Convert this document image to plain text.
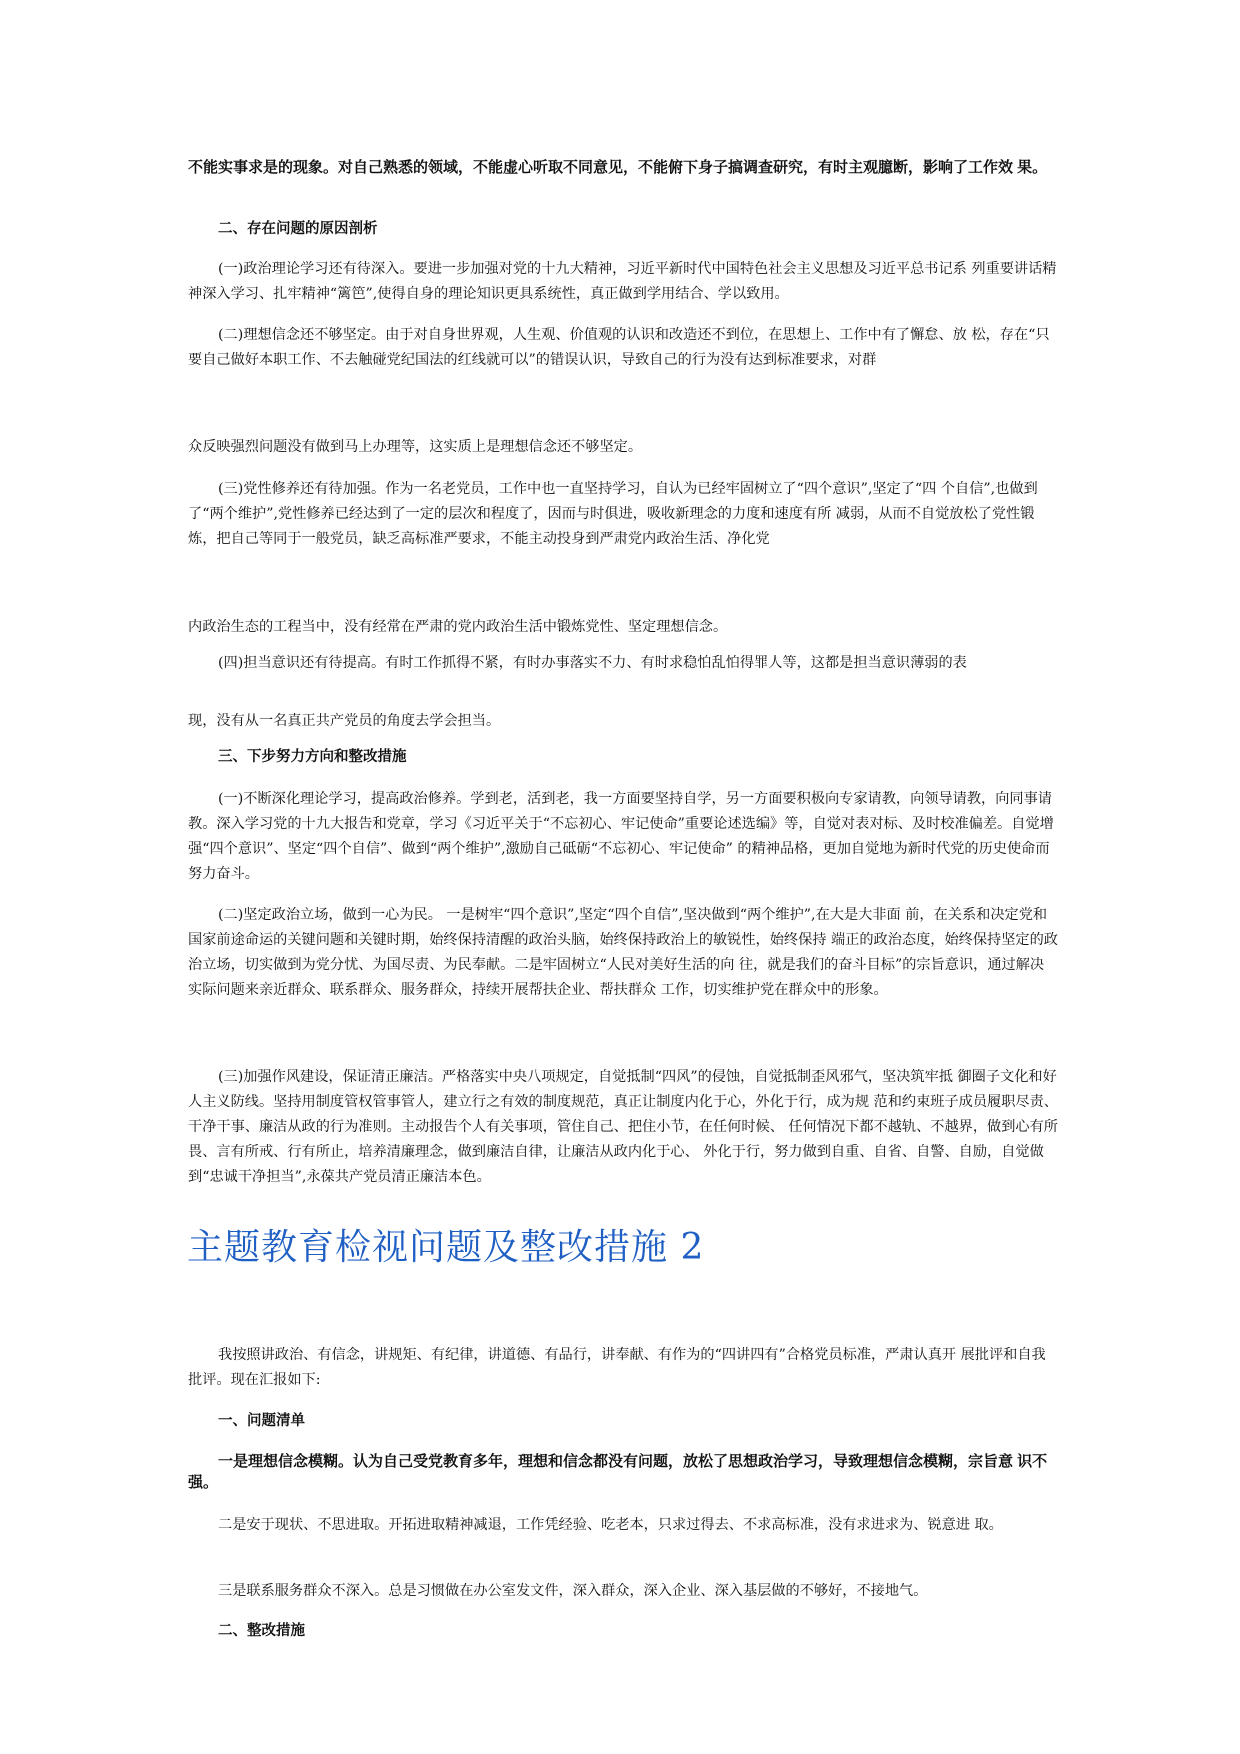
不能实事求是的现象。对自己熟悉的领域，不能虚心听取不同意见，不能俯下身子搞调查研究，有时主观臆断，影响了工作效 果。

二、存在问题的原因剖析

(一)政治理论学习还有待深入。要进一步加强对党的十九大精神，习近平新时代中国特色社会主义思想及习近平总书记系 列重要讲话精神深入学习、扎牢精神“篱笆”,使得自身的理论知识更具系统性，真正做到学用结合、学以致用。

(二)理想信念还不够坚定。由于对自身世界观，人生观、价值观的认识和改造还不到位，在思想上、工作中有了懈怠、放 松，存在“只要自己做好本职工作、不去触碰党纪国法的红线就可以”的错误认识，导致自己的行为没有达到标准要求，对群

众反映强烈问题没有做到马上办理等，这实质上是理想信念还不够坚定。

(三)党性修养还有待加强。作为一名老党员，工作中也一直坚持学习，自认为已经牢固树立了“四个意识”,坚定了“四 个自信”,也做到了“两个维护”,党性修养已经达到了一定的层次和程度了，因而与时俱进，吸收新理念的力度和速度有所 减弱，从而不自觉放松了党性锻炼，把自己等同于一般党员，缺乏高标准严要求，不能主动投身到严肃党内政治生活、净化党

内政治生态的工程当中，没有经常在严肃的党内政治生活中锻炼党性、坚定理想信念。

(四)担当意识还有待提高。有时工作抓得不紧，有时办事落实不力、有时求稳怕乱怕得罪人等，这都是担当意识薄弱的表

现，没有从一名真正共产党员的角度去学会担当。

三、下步努力方向和整改措施

(一)不断深化理论学习，提高政治修养。学到老，活到老，我一方面要坚持自学，另一方面要积极向专家请教，向领导请教，向同事请教。深入学习党的十九大报告和党章，学习《习近平关于“不忘初心、牢记使命”重要论述选编》等，自觉对表对标、及时校准偏差。自觉增强“四个意识”、坚定“四个自信”、做到“两个维护”,激励自己砥砺“不忘初心、牢记使命” 的精神品格，更加自觉地为新时代党的历史使命而努力奋斗。

(二)坚定政治立场，做到一心为民。 一是树牢“四个意识”,坚定“四个自信”,坚决做到“两个维护”,在大是大非面 前，在关系和决定党和国家前途命运的关键问题和关键时期，始终保持清醒的政治头脑，始终保持政治上的敏锐性，始终保持 端正的政治态度，始终保持坚定的政治立场，切实做到为党分忧、为国尽责、为民奉献。二是牢固树立“人民对美好生活的向 往，就是我们的奋斗目标”的宗旨意识，通过解决实际问题来亲近群众、联系群众、服务群众，持续开展帮扶企业、帮扶群众 工作，切实维护党在群众中的形象。

(三)加强作风建设，保证清正廉洁。严格落实中央八项规定，自觉抵制“四风”的侵蚀，自觉抵制歪风邪气，坚决筑牢抵 御圈子文化和好人主义防线。坚持用制度管权管事管人，建立行之有效的制度规范，真正让制度内化于心，外化于行，成为规 范和约束班子成员履职尽责、干净干事、廉洁从政的行为准则。主动报告个人有关事项，管住自己、把住小节，在任何时候、 任何情况下都不越轨、不越界，做到心有所畏、言有所戒、行有所止，培养清廉理念，做到廉洁自律，让廉洁从政内化于心、 外化于行，努力做到自重、自省、自警、自励，自觉做到“忠诚干净担当”,永葆共产党员清正廉洁本色。

主题教育检视问题及整改措施 2

我按照讲政治、有信念，讲规矩、有纪律，讲道德、有品行，讲奉献、有作为的“四讲四有”合格党员标准，严肃认真开 展批评和自我批评。现在汇报如下:

一、问题清单

一是理想信念模糊。认为自己受党教育多年，理想和信念都没有问题，放松了思想政治学习，导致理想信念模糊，宗旨意 识不强。

二是安于现状、不思进取。开拓进取精神减退，工作凭经验、吃老本，只求过得去、不求高标准，没有求进求为、锐意进 取。

三是联系服务群众不深入。总是习惯做在办公室发文件，深入群众，深入企业、深入基层做的不够好，不接地气。

二、整改措施
